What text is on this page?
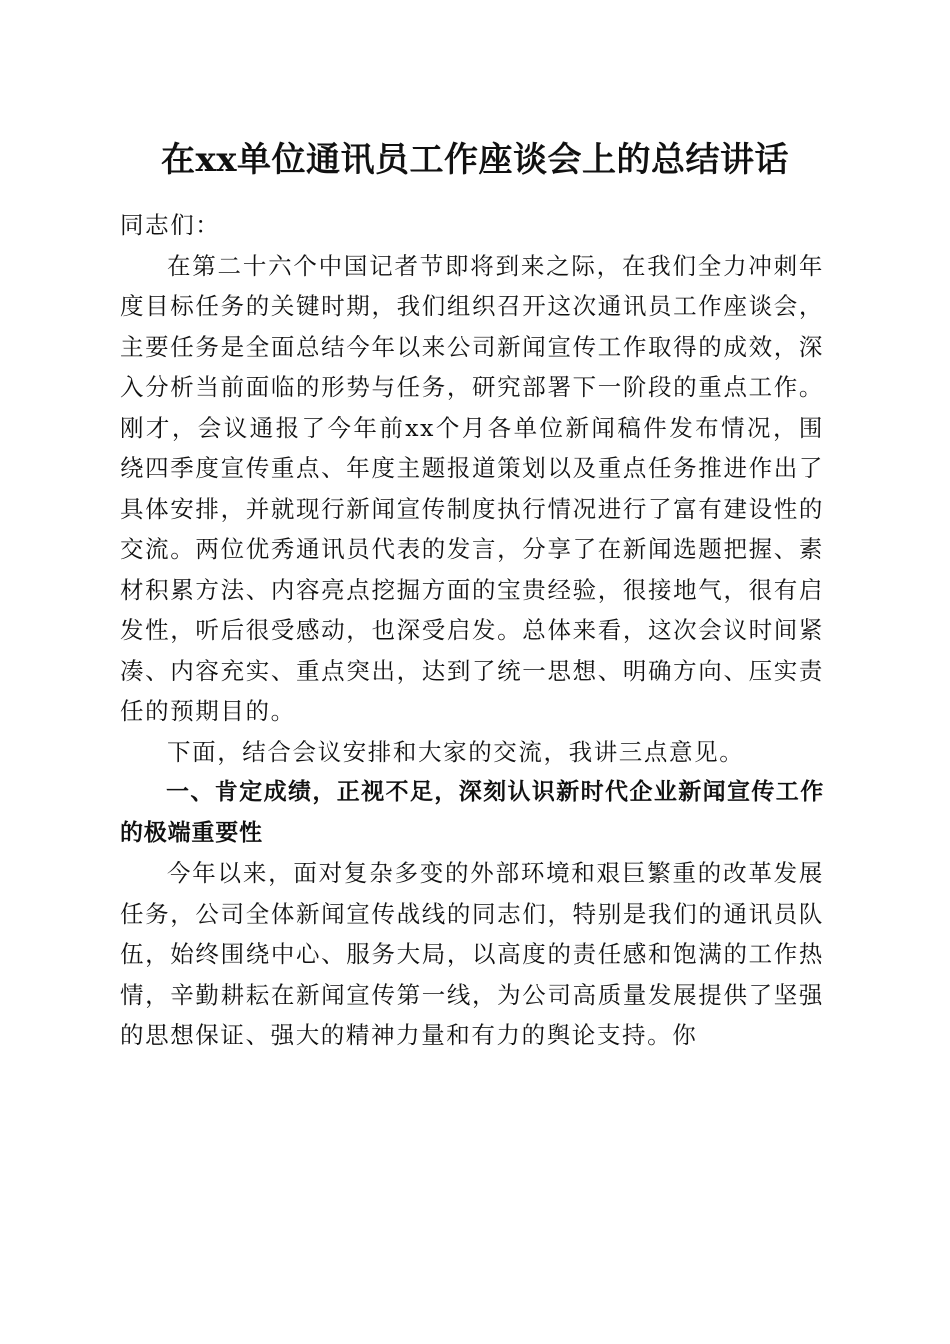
在xx单位通讯员工作座谈会上的总结讲话

同志们：

在第二十六个中国记者节即将到来之际，在我们全力冲刺年度目标任务的关键时期，我们组织召开这次通讯员工作座谈会，主要任务是全面总结今年以来公司新闻宣传工作取得的成效，深入分析当前面临的形势与任务，研究部署下一阶段的重点工作。刚才，会议通报了今年前xx个月各单位新闻稿件发布情况，围绕四季度宣传重点、年度主题报道策划以及重点任务推进作出了具体安排，并就现行新闻宣传制度执行情况进行了富有建设性的交流。两位优秀通讯员代表的发言，分享了在新闻选题把握、素材积累方法、内容亮点挖掘方面的宝贵经验，很接地气，很有启发性，听后很受感动，也深受启发。总体来看，这次会议时间紧凑、内容充实、重点突出，达到了统一思想、明确方向、压实责任的预期目的。

下面，结合会议安排和大家的交流，我讲三点意见。

一、肯定成绩，正视不足，深刻认识新时代企业新闻宣传工作的极端重要性

今年以来，面对复杂多变的外部环境和艰巨繁重的改革发展任务，公司全体新闻宣传战线的同志们，特别是我们的通讯员队伍，始终围绕中心、服务大局，以高度的责任感和饱满的工作热情，辛勤耕耘在新闻宣传第一线，为公司高质量发展提供了坚强的思想保证、强大的精神力量和有力的舆论支持。你
